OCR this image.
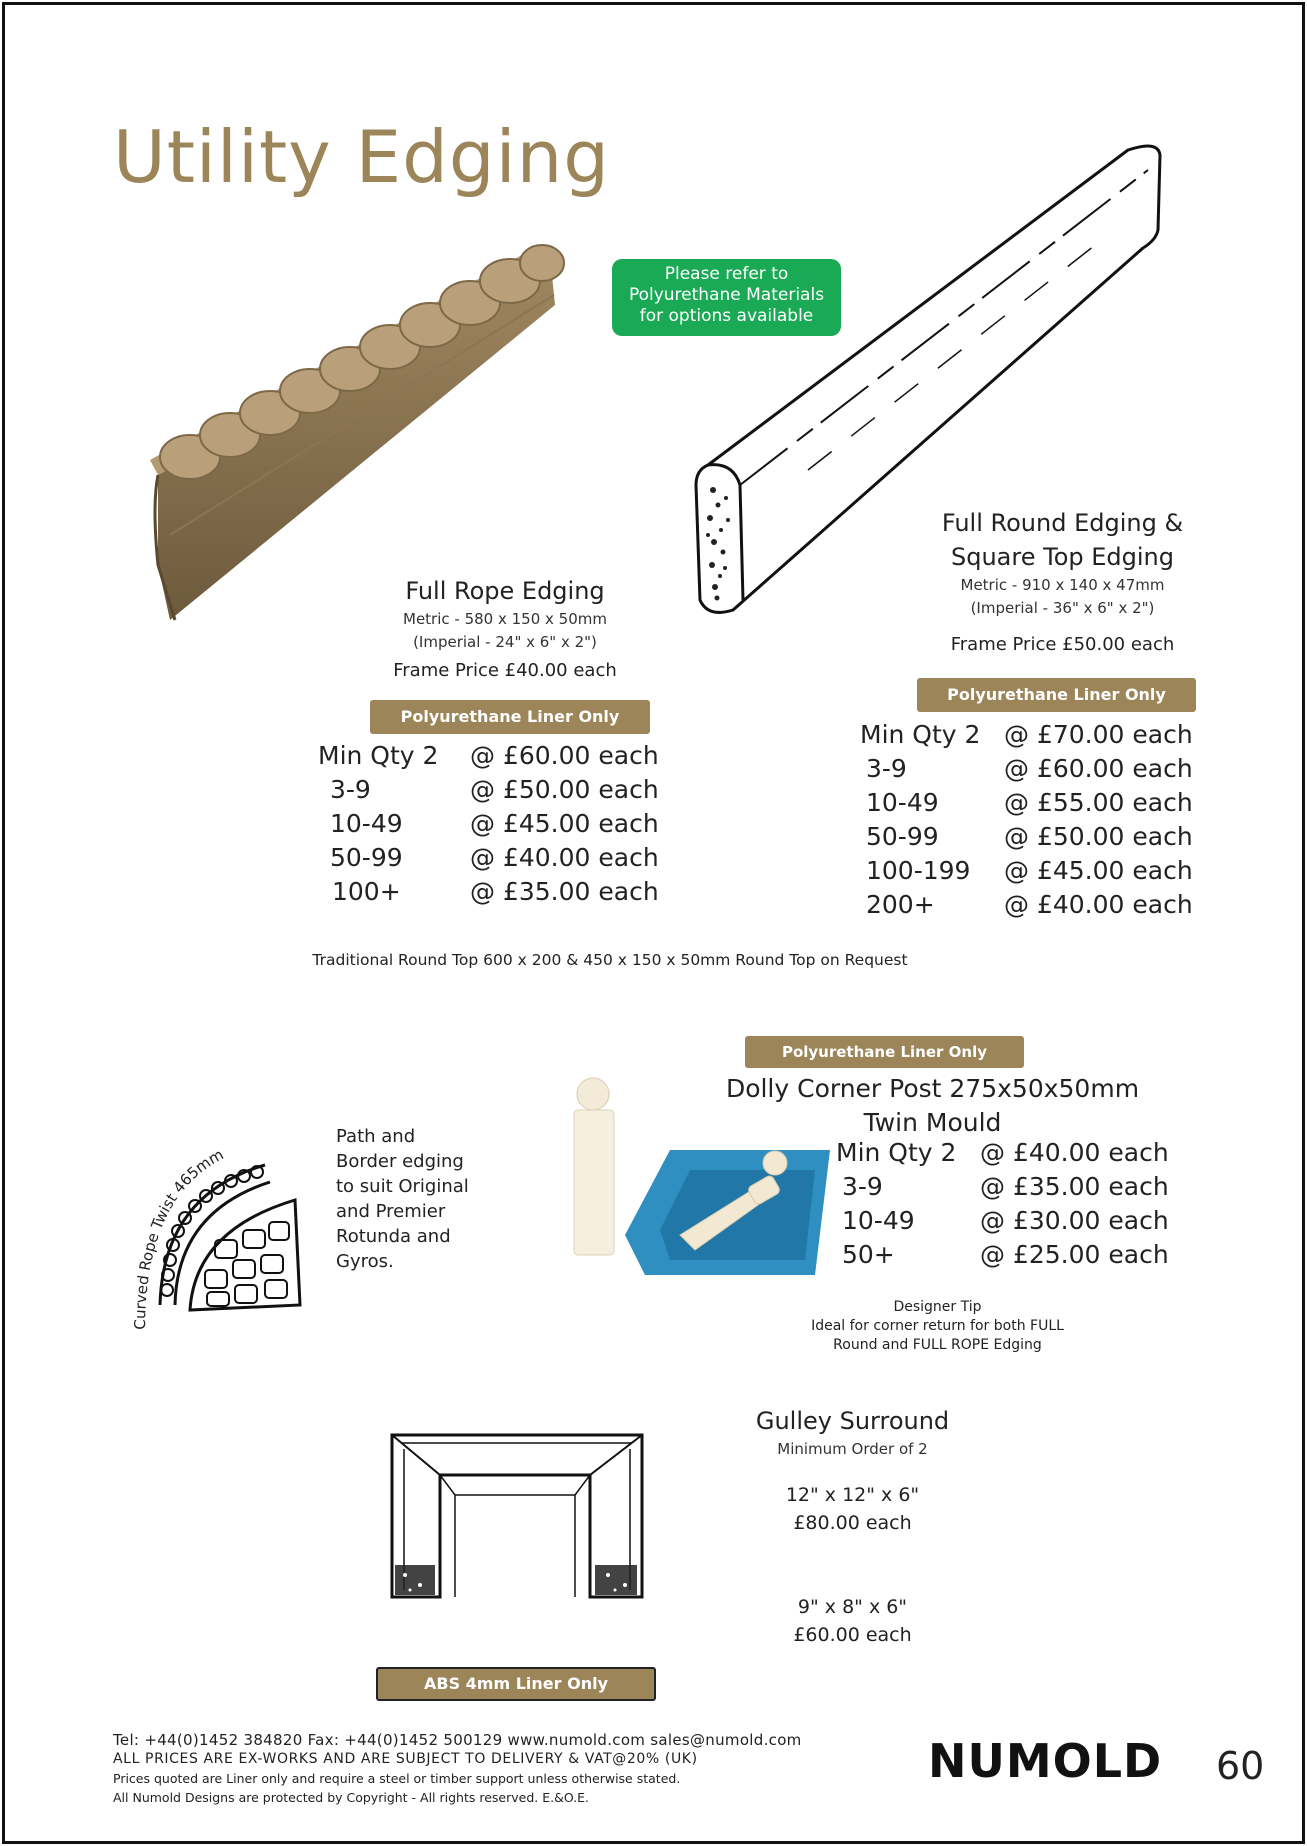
Utility Edging
Please refer to
Polyurethane Materials
for options available
Full Rope Edging
Metric - 580 x 150 x 50mm
(Imperial - 24" x 6" x 2")
Frame Price £40.00 each
Polyurethane Liner Only
Min Qty 2	@ £60.00 each
3-9	@ £50.00 each
10-49	@ £45.00 each
50-99	@ £40.00 each
100+	@ £35.00 each
Full Round Edging &
Square Top Edging
Metric - 910 x 140 x 47mm
(Imperial - 36" x 6" x 2")
Frame Price £50.00 each
Polyurethane Liner Only
Min Qty 2 @ £70.00 each
3-9	@ £60.00 each
10-49	@ £55.00 each
50-99	@ £50.00 each
100-199	@ £45.00 each
200+	@ £40.00 each
Traditional Round Top 600 x 200 & 450 x 150 x 50mm Round Top on Request
Curved Rope Twist 465mm
Path and
Border edging
to suit Original
and Premier
Rotunda and
Gyros.
Polyurethane Liner Only
Dolly Corner Post 275x50x50mm
Twin Mould
Min Qty 2 @ £40.00 each
3-9	@ £35.00 each
10-49	@ £30.00 each
50+	@ £25.00 each
Designer Tip
Ideal for corner return for both FULL
Round and FULL ROPE Edging
Gulley Surround
Minimum Order of 2
12" x 12" x 6"
£80.00 each
9" x 8" x 6"
£60.00 each
ABS 4mm Liner Only
Tel: +44(0)1452 384820 Fax: +44(0)1452 500129 www.numold.com sales@numold.com
ALL PRICES ARE EX-WORKS AND ARE SUBJECT TO DELIVERY & VAT@20% (UK)
Prices quoted are Liner only and require a steel or timber support unless otherwise stated.
All Numold Designs are protected by Copyright - All rights reserved. E.&O.E.
NUMOLD 60
